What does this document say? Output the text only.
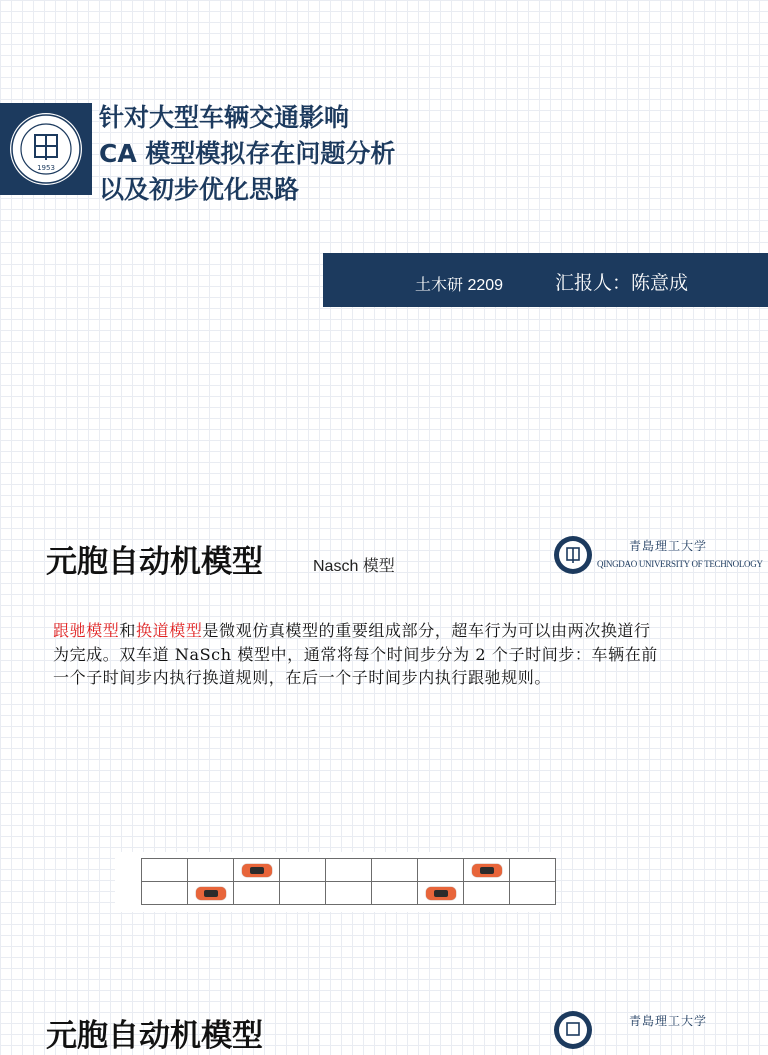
1953
针对大型车辆交通影响
CA 模型模拟存在问题分析
以及初步优化思路
土木研 2209	汇报人：陈意成
元胞自动机模型	Nasch 模型
青島理工大学
QINGDAO UNIVERSITY OF TECHNOLOGY
跟驰模型和换道模型是微观仿真模型的重要组成部分，超车行为可以由两次换道行为完成。双车道 NaSch 模型中，通常将每个时间步分为 2 个子时间步：车辆在前一个子时间步内执行换道规则，在后一个子时间步内执行跟驰规则。

元胞自动机模型	青島理工大学
